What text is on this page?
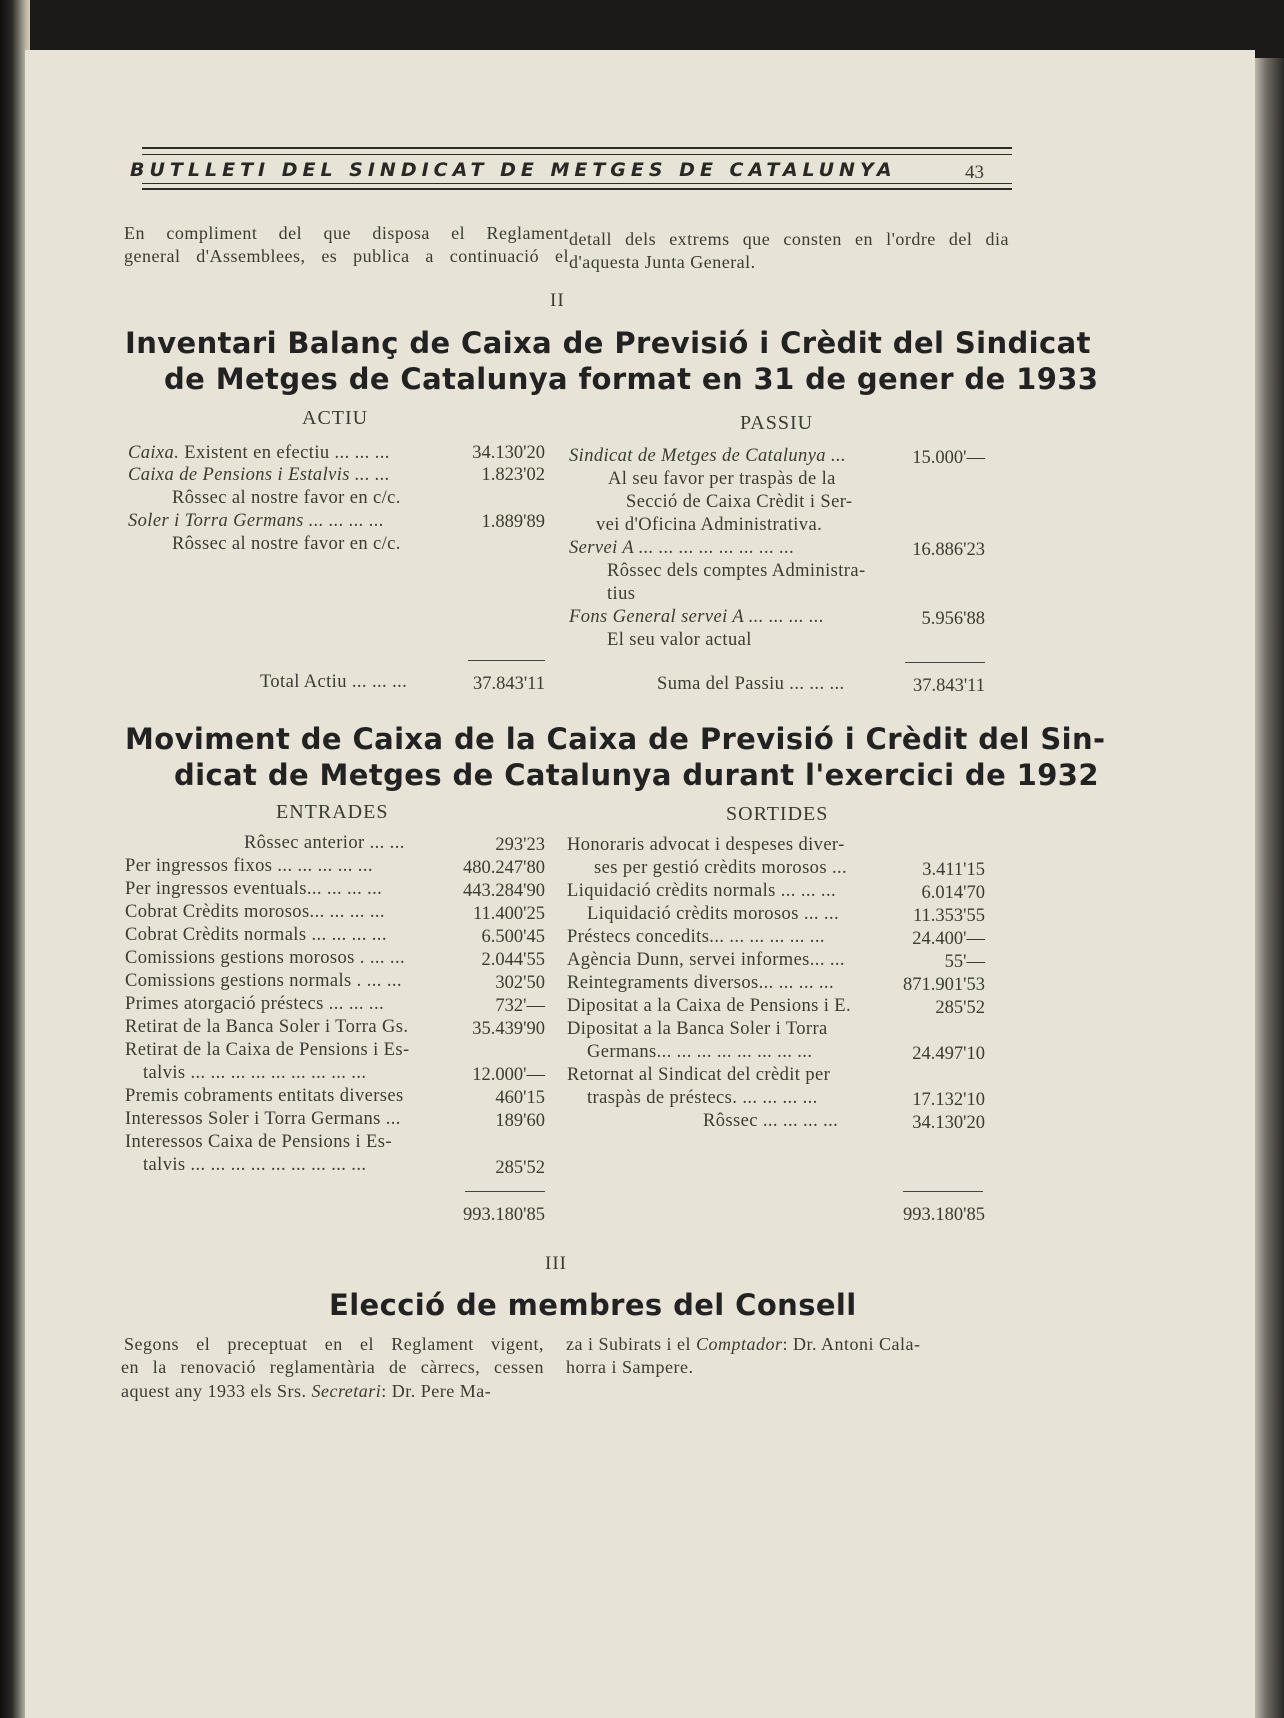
BUTLLETI DEL SINDICAT DE METGES DE CATALUNYA	43
En compliment del que disposa el Reglament
general d'Assemblees, es publica a continuació el
detall dels extrems que consten en l'ordre del dia
d'aquesta Junta General.
II
Inventari Balanç de Caixa de Previsió i Crèdit del Sindicat
de Metges de Catalunya format en 31 de gener de 1933
ACTIU	PASSIU
Caixa. Existent en efectiu ... ... ...	34.130'20
Caixa de Pensions i Estalvis ... ...	1.823'02
Rôssec al nostre favor en c/c.
Soler i Torra Germans ... ... ... ...	1.889'89
Rôssec al nostre favor en c/c.
Sindicat de Metges de Catalunya ...	15.000'—
Al seu favor per traspàs de la
Secció de Caixa Crèdit i Ser-
vei d'Oficina Administrativa.
Servei A ... ... ... ... ... ... ... ...	16.886'23
Rôssec dels comptes Administra-
tius
Fons General servei A ... ... ... ...	5.956'88
El seu valor actual
Total Actiu ... ... ...	37.843'11	Suma del Passiu ... ... ...	37.843'11
Moviment de Caixa de la Caixa de Previsió i Crèdit del Sin-
dicat de Metges de Catalunya durant l'exercici de 1932
ENTRADES	SORTIDES
Rôssec anterior ... ...	293'23
Per ingressos fixos ... ... ... ... ...	480.247'80
Per ingressos eventuals... ... ... ...	443.284'90
Cobrat Crèdits morosos... ... ... ...	11.400'25
Cobrat Crèdits normals ... ... ... ...	6.500'45
Comissions gestions morosos . ... ...	2.044'55
Comissions gestions normals . ... ...	302'50
Primes atorgació préstecs ... ... ...	732'—
Retirat de la Banca Soler i Torra Gs.	35.439'90
Retirat de la Caixa de Pensions i Es-
talvis ... ... ... ... ... ... ... ... ...	12.000'—
Premis cobraments entitats diverses	460'15
Interessos Soler i Torra Germans ...	189'60
Interessos Caixa de Pensions i Es-
talvis ... ... ... ... ... ... ... ... ...	285'52
Honoraris advocat i despeses diver-
ses per gestió crèdits morosos ...	3.411'15
Liquidació crèdits normals ... ... ...	6.014'70
Liquidació crèdits morosos ... ...	11.353'55
Préstecs concedits... ... ... ... ... ...	24.400'—
Agència Dunn, servei informes... ...	55'—
Reintegraments diversos... ... ... ...	871.901'53
Dipositat a la Caixa de Pensions i E.	285'52
Dipositat a la Banca Soler i Torra
Germans... ... ... ... ... ... ... ...	24.497'10
Retornat al Sindicat del crèdit per
traspàs de préstecs. ... ... ... ...	17.132'10
Rôssec ... ... ... ...	34.130'20
993.180'85	993.180'85
III
Elecció de membres del Consell
Segons el preceptuat en el Reglament vigent,
en la renovació reglamentària de càrrecs, cessen
aquest any 1933 els Srs. Secretari: Dr. Pere Ma-
za i Subirats i el Comptador: Dr. Antoni Cala-
horra i Sampere.
